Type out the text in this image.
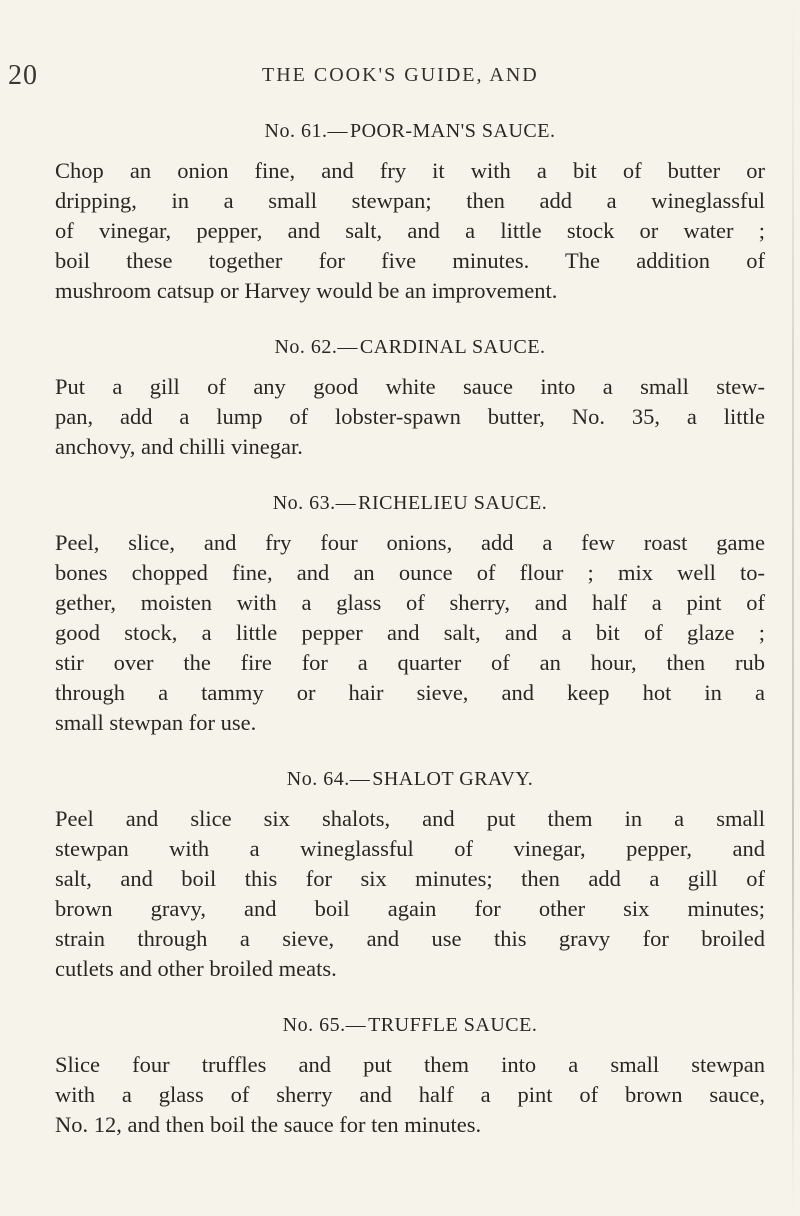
20	THE COOK'S GUIDE, AND
No. 61.— POOR-MAN'S SAUCE.

Chop an onion fine, and fry it with a bit of butter or
dripping, in a small stewpan; then add a wineglassful
of vinegar, pepper, and salt, and a little stock or water ;
boil these together for five minutes. The addition of
mushroom catsup or Harvey would be an improvement.

No. 62.— CARDINAL SAUCE.

Put a gill of any good white sauce into a small stew-
pan, add a lump of lobster-spawn butter, No. 35, a little
anchovy, and chilli vinegar.

No. 63.— RICHELIEU SAUCE.

Peel, slice, and fry four onions, add a few roast game
bones chopped fine, and an ounce of flour ; mix well to-
gether, moisten with a glass of sherry, and half a pint of
good stock, a little pepper and salt, and a bit of glaze ;
stir over the fire for a quarter of an hour, then rub
through a tammy or hair sieve, and keep hot in a
small stewpan for use.

No. 64.— SHALOT GRAVY.

Peel and slice six shalots, and put them in a small
stewpan with a wineglassful of vinegar, pepper, and
salt, and boil this for six minutes; then add a gill of
brown gravy, and boil again for other six minutes;
strain through a sieve, and use this gravy for broiled
cutlets and other broiled meats.

No. 65.— TRUFFLE SAUCE.

Slice four truffles and put them into a small stewpan
with a glass of sherry and half a pint of brown sauce,
No. 12, and then boil the sauce for ten minutes.
